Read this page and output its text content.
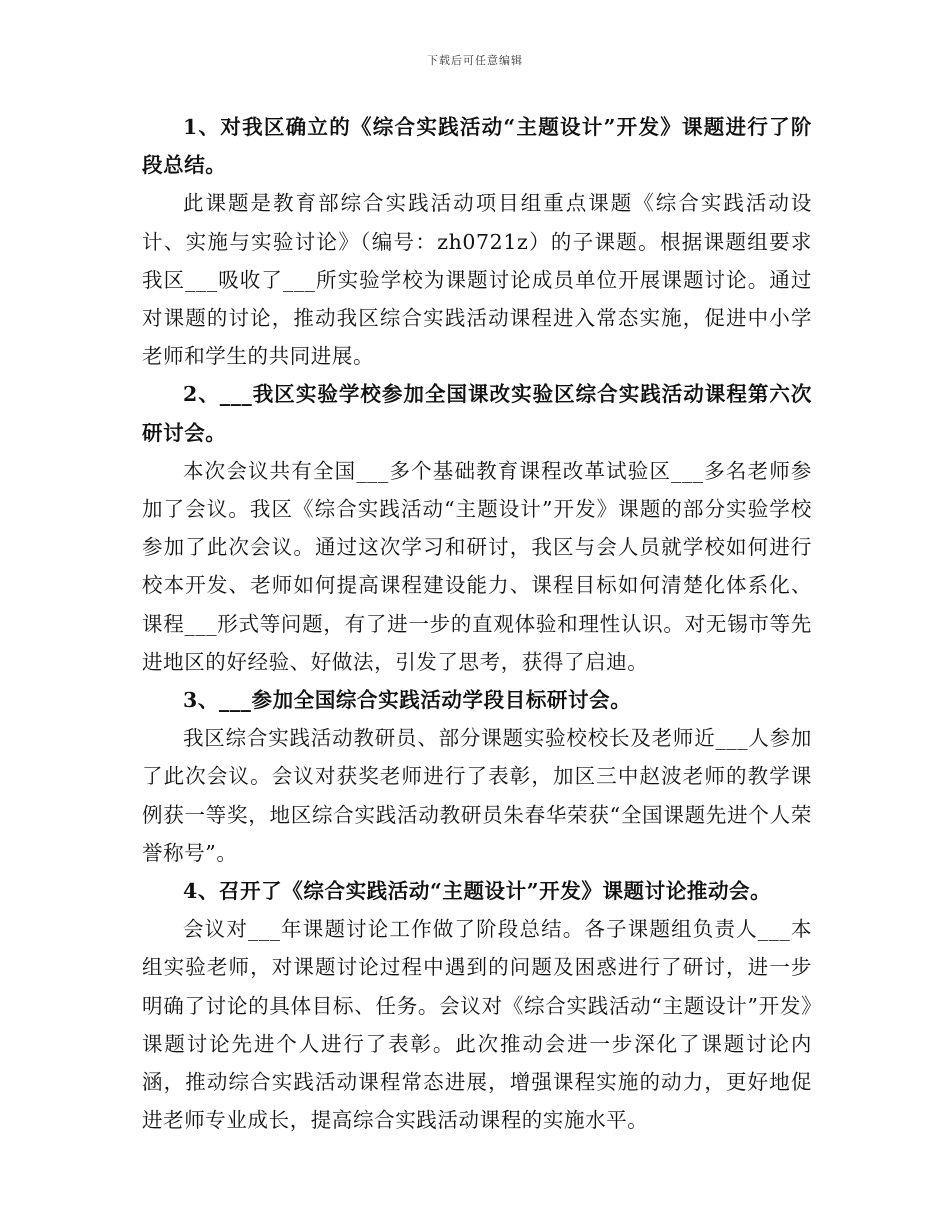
下载后可任意编辑

1、对我区确立的《综合实践活动“主题设计”开发》课题进行了阶段总结。

此课题是教育部综合实践活动项目组重点课题《综合实践活动设计、实施与实验讨论》（编号：zh0721z）的子课题。根据课题组要求我区___吸收了___所实验学校为课题讨论成员单位开展课题讨论。通过对课题的讨论，推动我区综合实践活动课程进入常态实施，促进中小学老师和学生的共同进展。

2、___我区实验学校参加全国课改实验区综合实践活动课程第六次研讨会。

本次会议共有全国___多个基础教育课程改革试验区___多名老师参加了会议。我区《综合实践活动“主题设计”开发》课题的部分实验学校参加了此次会议。通过这次学习和研讨，我区与会人员就学校如何进行校本开发、老师如何提高课程建设能力、课程目标如何清楚化体系化、课程___形式等问题，有了进一步的直观体验和理性认识。对无锡市等先进地区的好经验、好做法，引发了思考，获得了启迪。

3、___参加全国综合实践活动学段目标研讨会。

我区综合实践活动教研员、部分课题实验校校长及老师近___人参加了此次会议。会议对获奖老师进行了表彰，加区三中赵波老师的教学课例获一等奖，地区综合实践活动教研员朱春华荣获“全国课题先进个人荣誉称号”。

4、召开了《综合实践活动“主题设计”开发》课题讨论推动会。

会议对___年课题讨论工作做了阶段总结。各子课题组负责人___本组实验老师，对课题讨论过程中遇到的问题及困惑进行了研讨，进一步明确了讨论的具体目标、任务。会议对《综合实践活动“主题设计”开发》课题讨论先进个人进行了表彰。此次推动会进一步深化了课题讨论内涵，推动综合实践活动课程常态进展，增强课程实施的动力，更好地促进老师专业成长，提高综合实践活动课程的实施水平。
